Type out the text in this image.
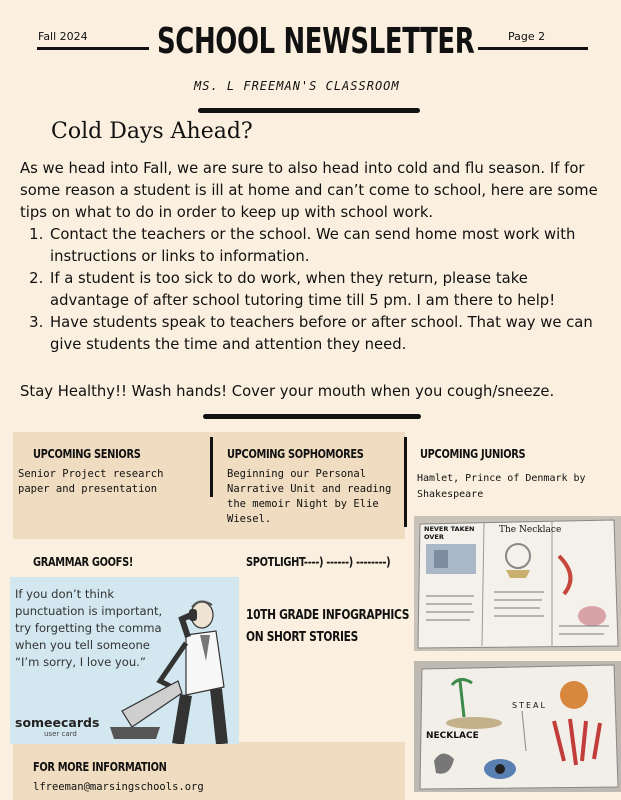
Fall 2024 SCHOOL NEWSLETTER	Page 2
MS. L FREEMAN'S CLASSROOM
Cold Days Ahead?
As we head into Fall, we are sure to also head into cold and flu season. If for some reason a student is ill at home and can’t come to school, here are some tips on what to do in order to keep up with school work.
1. Contact the teachers or the school. We can send home most work with instructions or links to information.
2. If a student is too sick to do work, when they return, please take advantage of after school tutoring time till 5 pm. I am there to help!
3. Have students speak to teachers before or after school. That way we can give students the time and attention they need.
Stay Healthy!! Wash hands! Cover your mouth when you cough/sneeze.
UPCOMING SENIORS
Senior Project research paper and presentation
UPCOMING SOPHOMORES
Beginning our Personal Narrative Unit and reading the memoir Night by Elie Wiesel.
UPCOMING JUNIORS
Hamlet, Prince of Denmark by Shakespeare
GRAMMAR GOOFS!
If you don’t think punctuation is important, try forgetting the comma when you tell someone “I’m sorry, I love you.”
someecards
user card
SPOTLIGHT----) ------) --------)
10TH GRADE INFOGRAPHICS ON SHORT STORIES
FOR MORE INFORMATION
lfreeman@marsingschools.org
NEVER TAKEN OVER
The Necklace
NECKLACE
STEAL
